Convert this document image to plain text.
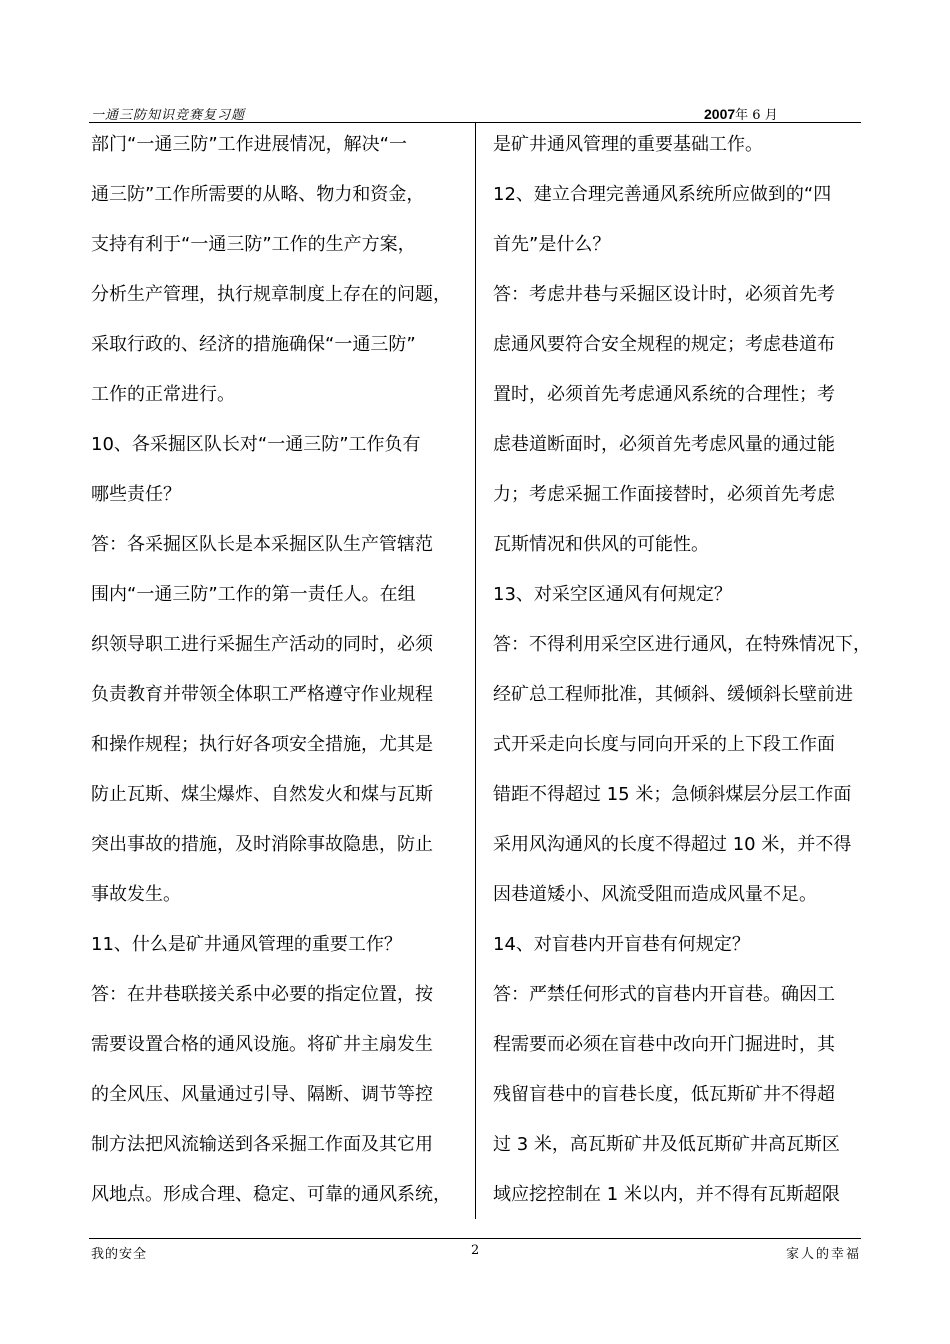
一通三防知识竞赛复习题	2007年 6 月
部门“一通三防”工作进展情况，解决“一
通三防”工作所需要的从略、物力和资金，
支持有利于“一通三防”工作的生产方案，
分析生产管理，执行规章制度上存在的问题，
采取行政的、经济的措施确保“一通三防”
工作的正常进行。
10、各采掘区队长对“一通三防”工作负有
哪些责任？
答：各采掘区队长是本采掘区队生产管辖范
围内“一通三防”工作的第一责任人。在组
织领导职工进行采掘生产活动的同时，必须
负责教育并带领全体职工严格遵守作业规程
和操作规程；执行好各项安全措施，尤其是
防止瓦斯、煤尘爆炸、自然发火和煤与瓦斯
突出事故的措施，及时消除事故隐患，防止
事故发生。
11、什么是矿井通风管理的重要工作？
答：在井巷联接关系中必要的指定位置，按
需要设置合格的通风设施。将矿井主扇发生
的全风压、风量通过引导、隔断、调节等控
制方法把风流输送到各采掘工作面及其它用
风地点。形成合理、稳定、可靠的通风系统，
是矿井通风管理的重要基础工作。
12、建立合理完善通风系统所应做到的“四
首先”是什么？
答：考虑井巷与采掘区设计时，必须首先考
虑通风要符合安全规程的规定；考虑巷道布
置时，必须首先考虑通风系统的合理性；考
虑巷道断面时，必须首先考虑风量的通过能
力；考虑采掘工作面接替时，必须首先考虑
瓦斯情况和供风的可能性。
13、对采空区通风有何规定？
答：不得利用采空区进行通风，在特殊情况下，
经矿总工程师批准，其倾斜、缓倾斜长壁前进
式开采走向长度与同向开采的上下段工作面
错距不得超过 15 米；急倾斜煤层分层工作面
采用风沟通风的长度不得超过 10 米，并不得
因巷道矮小、风流受阻而造成风量不足。
14、对盲巷内开盲巷有何规定？
答：严禁任何形式的盲巷内开盲巷。确因工
程需要而必须在盲巷中改向开门掘进时，其
残留盲巷中的盲巷长度，低瓦斯矿井不得超
过 3 米，高瓦斯矿井及低瓦斯矿井高瓦斯区
域应挖控制在 1 米以内，并不得有瓦斯超限
我的安全	2	家人的幸福
